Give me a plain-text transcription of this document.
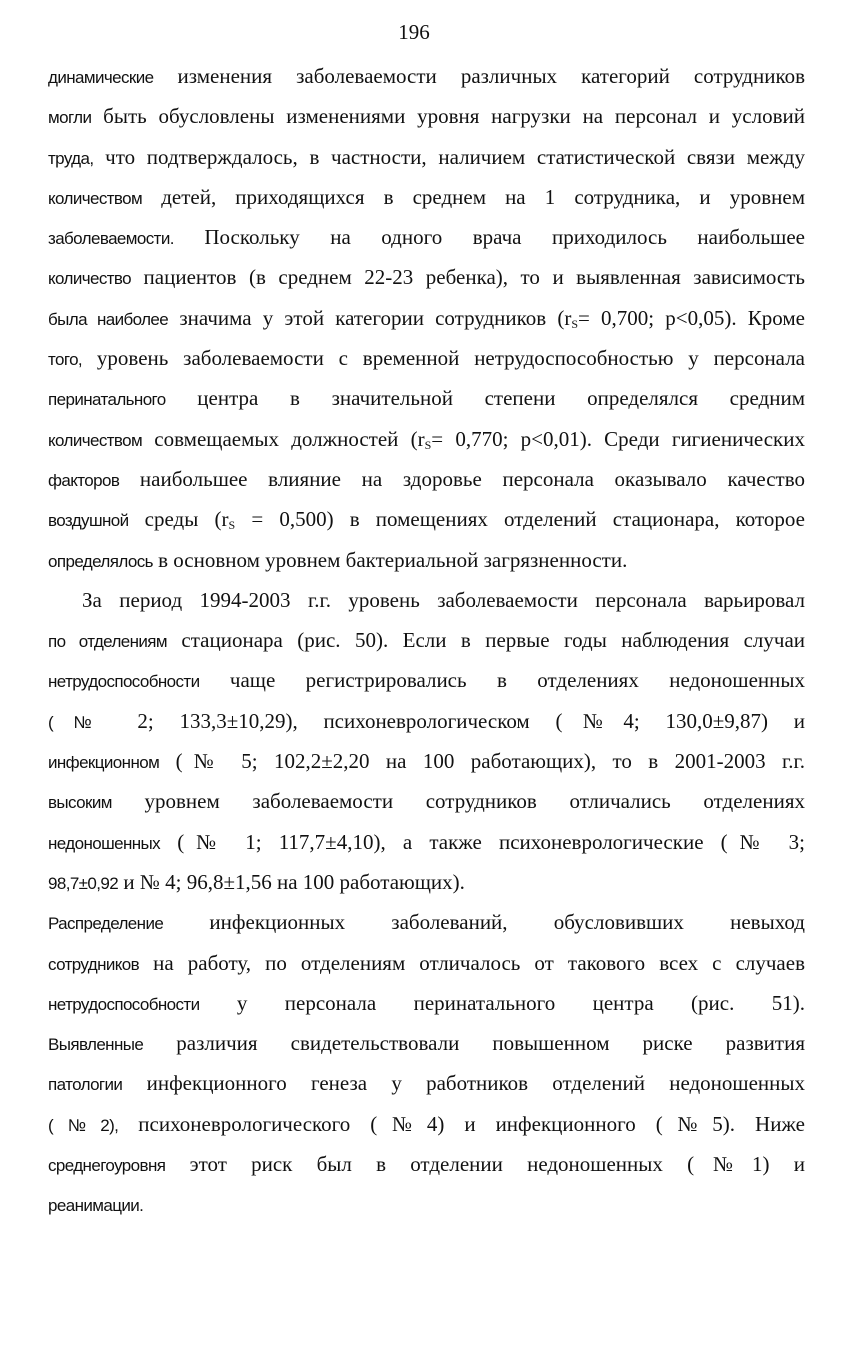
196
динамические изменения заболеваемости различных категорий сотрудников
могли быть обусловлены изменениями уровня нагрузки на персонал и условий
труда, что подтверждалось, в частности, наличием статистической связи между
количеством детей, приходящихся в среднем на 1 сотрудника, и уровнем
заболеваемости. Поскольку на одного врача приходилось наибольшее
количество пациентов (в среднем 22-23 ребенка), то и выявленная зависимость
была наиболее значима у этой категории сотрудников ($r_S= 0,700$; p<0,05). Кроме
того, уровень заболеваемости с временной нетрудоспособностью у персонала
перинатального центра в значительной степени определялся средним
количеством совмещаемых должностей ($r_S= 0,770$; p<0,01). Среди гигиенических
факторов наибольшее влияние на здоровье персонала оказывало качество
воздушной среды $(r_S = 0,500)$ в помещениях отделений стационара, которое
определялось в основном уровнем бактериальной загрязненности.
За период 1994-2003 г.г. уровень заболеваемости персонала варьировал
по отделениям стационара (рис. 50). Если в первые годы наблюдения случаи
нетрудоспособности чаще регистрировались в отделениях недоношенных
(№ 2; 133,3±10,29), психоневрологическом (№4; 130,0±9,87) и
инфекционном (№ 5; 102,2±2,20 на 100 работающих), то в 2001-2003 г.г.
высоким уровнем заболеваемости сотрудников отличались отделениях
недоношенных (№ 1; 117,7±4,10), а также психоневрологические (№ 3;
98,7±0,92 и № 4; 96,8±1,56 на 100 работающих).
Распределение инфекционных заболеваний, обусловивших невыход
сотрудников на работу, по отделениям отличалось от такового всех с случаев
нетрудоспособности у персонала перинатального центра (рис. 51).
Выявленные различия свидетельствовали повышенном риске развития
патологии инфекционного генеза у работников отделений недоношенных
(№2), психоневрологического (№4) и инфекционного (№5). Ниже
среднегоуровня этот риск был в отделении недоношенных (№1) и
реанимации.
